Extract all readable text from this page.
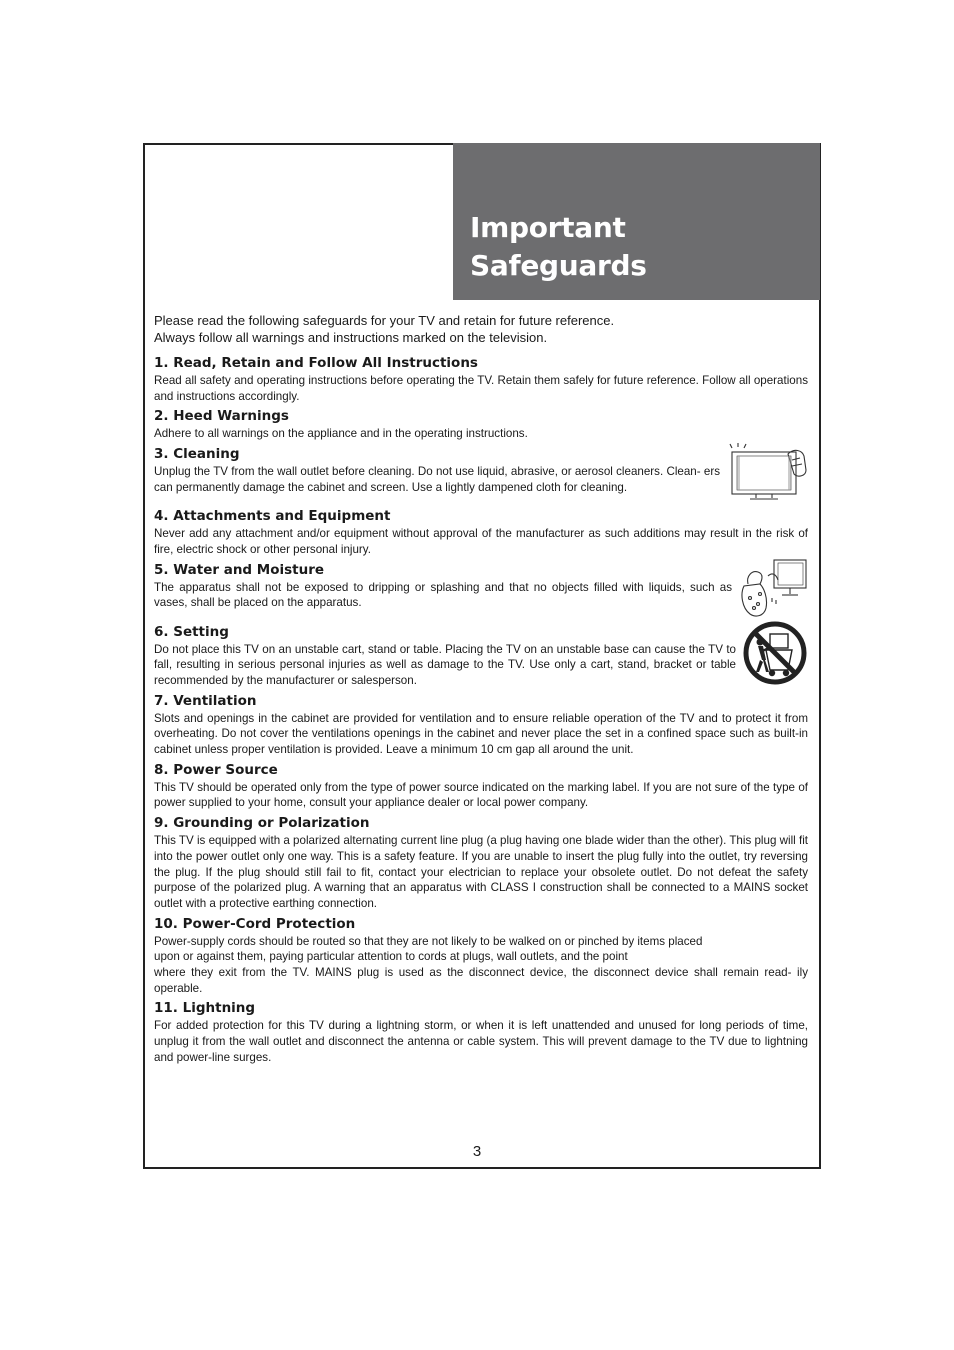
Important
Safeguards

Please read the following safeguards for your TV and retain for future reference.
Always follow all warnings and instructions marked on the television.

1. Read, Retain and Follow All Instructions

Read all safety and operating instructions before operating the TV. Retain them safely for future reference. Follow all operations and instructions accordingly.

2. Heed Warnings

Adhere to all warnings on the appliance and in the operating instructions.

3. Cleaning

Unplug the TV from the wall outlet before cleaning. Do not use liquid, abrasive, or aerosol cleaners. Clean- ers can permanently damage the cabinet and screen. Use a lightly dampened cloth for cleaning.

4. Attachments and Equipment

Never add any attachment and/or equipment without approval of the manufacturer as such additions may result in the risk of fire, electric shock or other personal injury.

5. Water and Moisture

The apparatus shall not be exposed to dripping or splashing and that no objects filled with liquids, such as vases, shall be placed on the apparatus.

6. Setting

Do not place this TV on an unstable cart, stand or table. Placing the TV on an unstable base can cause the TV to fall, resulting in serious personal injuries as well as damage to the TV. Use only a cart, stand, bracket or table recommended by the manufacturer or salesperson.

7. Ventilation

Slots and openings in the cabinet are provided for ventilation and to ensure reliable operation of the TV and to protect it from overheating. Do not cover the ventilations openings in the cabinet and never place the set in a confined space such as built-in cabinet unless proper ventilation is provided. Leave a minimum 10 cm gap all around the unit.

8. Power Source

This TV should be operated only from the type of power source indicated on the marking label. If you are not sure of the type of power supplied to your home, consult your appliance dealer or local power company.

9. Grounding or Polarization

This TV is equipped with a polarized alternating current line plug (a plug having one blade wider than the other). This plug will fit into the power outlet only one way. This is a safety feature. If you are unable to insert the plug fully into the outlet, try reversing the plug. If the plug should still fail to fit, contact your electrician to replace your obsolete outlet. Do not defeat the safety purpose of the polarized plug. A warning that an apparatus with CLASS I construction shall be connected to a MAINS socket outlet with a protective earthing connection.

10. Power-Cord Protection

Power-supply cords should be routed so that they are not likely to be walked on or pinched by items placed
upon or against them, paying particular attention to cords at plugs, wall outlets, and the point

where they exit from the TV. MAINS plug is used as the disconnect device, the disconnect device shall remain read- ily operable.

11. Lightning

For added protection for this TV during a lightning storm, or when it is left unattended and unused for long periods of time, unplug it from the wall outlet and disconnect the antenna or cable system. This will prevent damage to the TV due to lightning and power-line surges.

3
